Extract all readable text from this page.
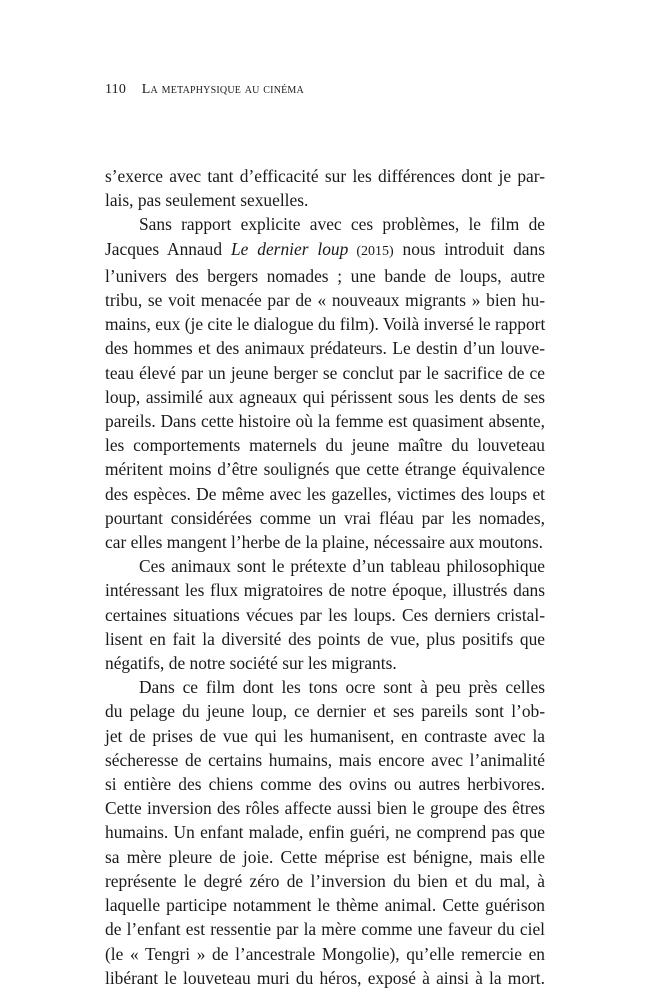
110 La metaphysique au cinéma
s’exerce avec tant d’efficacité sur les différences dont je par-
lais, pas seulement sexuelles.
Sans rapport explicite avec ces problèmes, le film de
Jacques Annaud Le dernier loup (2015) nous introduit dans
l’univers des bergers nomades ; une bande de loups, autre
tribu, se voit menacée par de « nouveaux migrants » bien hu-
mains, eux (je cite le dialogue du film). Voilà inversé le rapport
des hommes et des animaux prédateurs. Le destin d’un louve-
teau élevé par un jeune berger se conclut par le sacrifice de ce
loup, assimilé aux agneaux qui périssent sous les dents de ses
pareils. Dans cette histoire où la femme est quasiment absente,
les comportements maternels du jeune maître du louveteau
méritent moins d’être soulignés que cette étrange équivalence
des espèces. De même avec les gazelles, victimes des loups et
pourtant considérées comme un vrai fléau par les nomades,
car elles mangent l’herbe de la plaine, nécessaire aux moutons.
Ces animaux sont le prétexte d’un tableau philosophique
intéressant les flux migratoires de notre époque, illustrés dans
certaines situations vécues par les loups. Ces derniers cristal-
lisent en fait la diversité des points de vue, plus positifs que
négatifs, de notre société sur les migrants.
Dans ce film dont les tons ocre sont à peu près celles
du pelage du jeune loup, ce dernier et ses pareils sont l’ob-
jet de prises de vue qui les humanisent, en contraste avec la
sécheresse de certains humains, mais encore avec l’animalité
si entière des chiens comme des ovins ou autres herbivores.
Cette inversion des rôles affecte aussi bien le groupe des êtres
humains. Un enfant malade, enfin guéri, ne comprend pas que
sa mère pleure de joie. Cette méprise est bénigne, mais elle
représente le degré zéro de l’inversion du bien et du mal, à
laquelle participe notamment le thème animal. Cette guérison
de l’enfant est ressentie par la mère comme une faveur du ciel
(le « Tengri » de l’ancestrale Mongolie), qu’elle remercie en
libérant le louveteau muri du héros, exposé à ainsi à la mort.
